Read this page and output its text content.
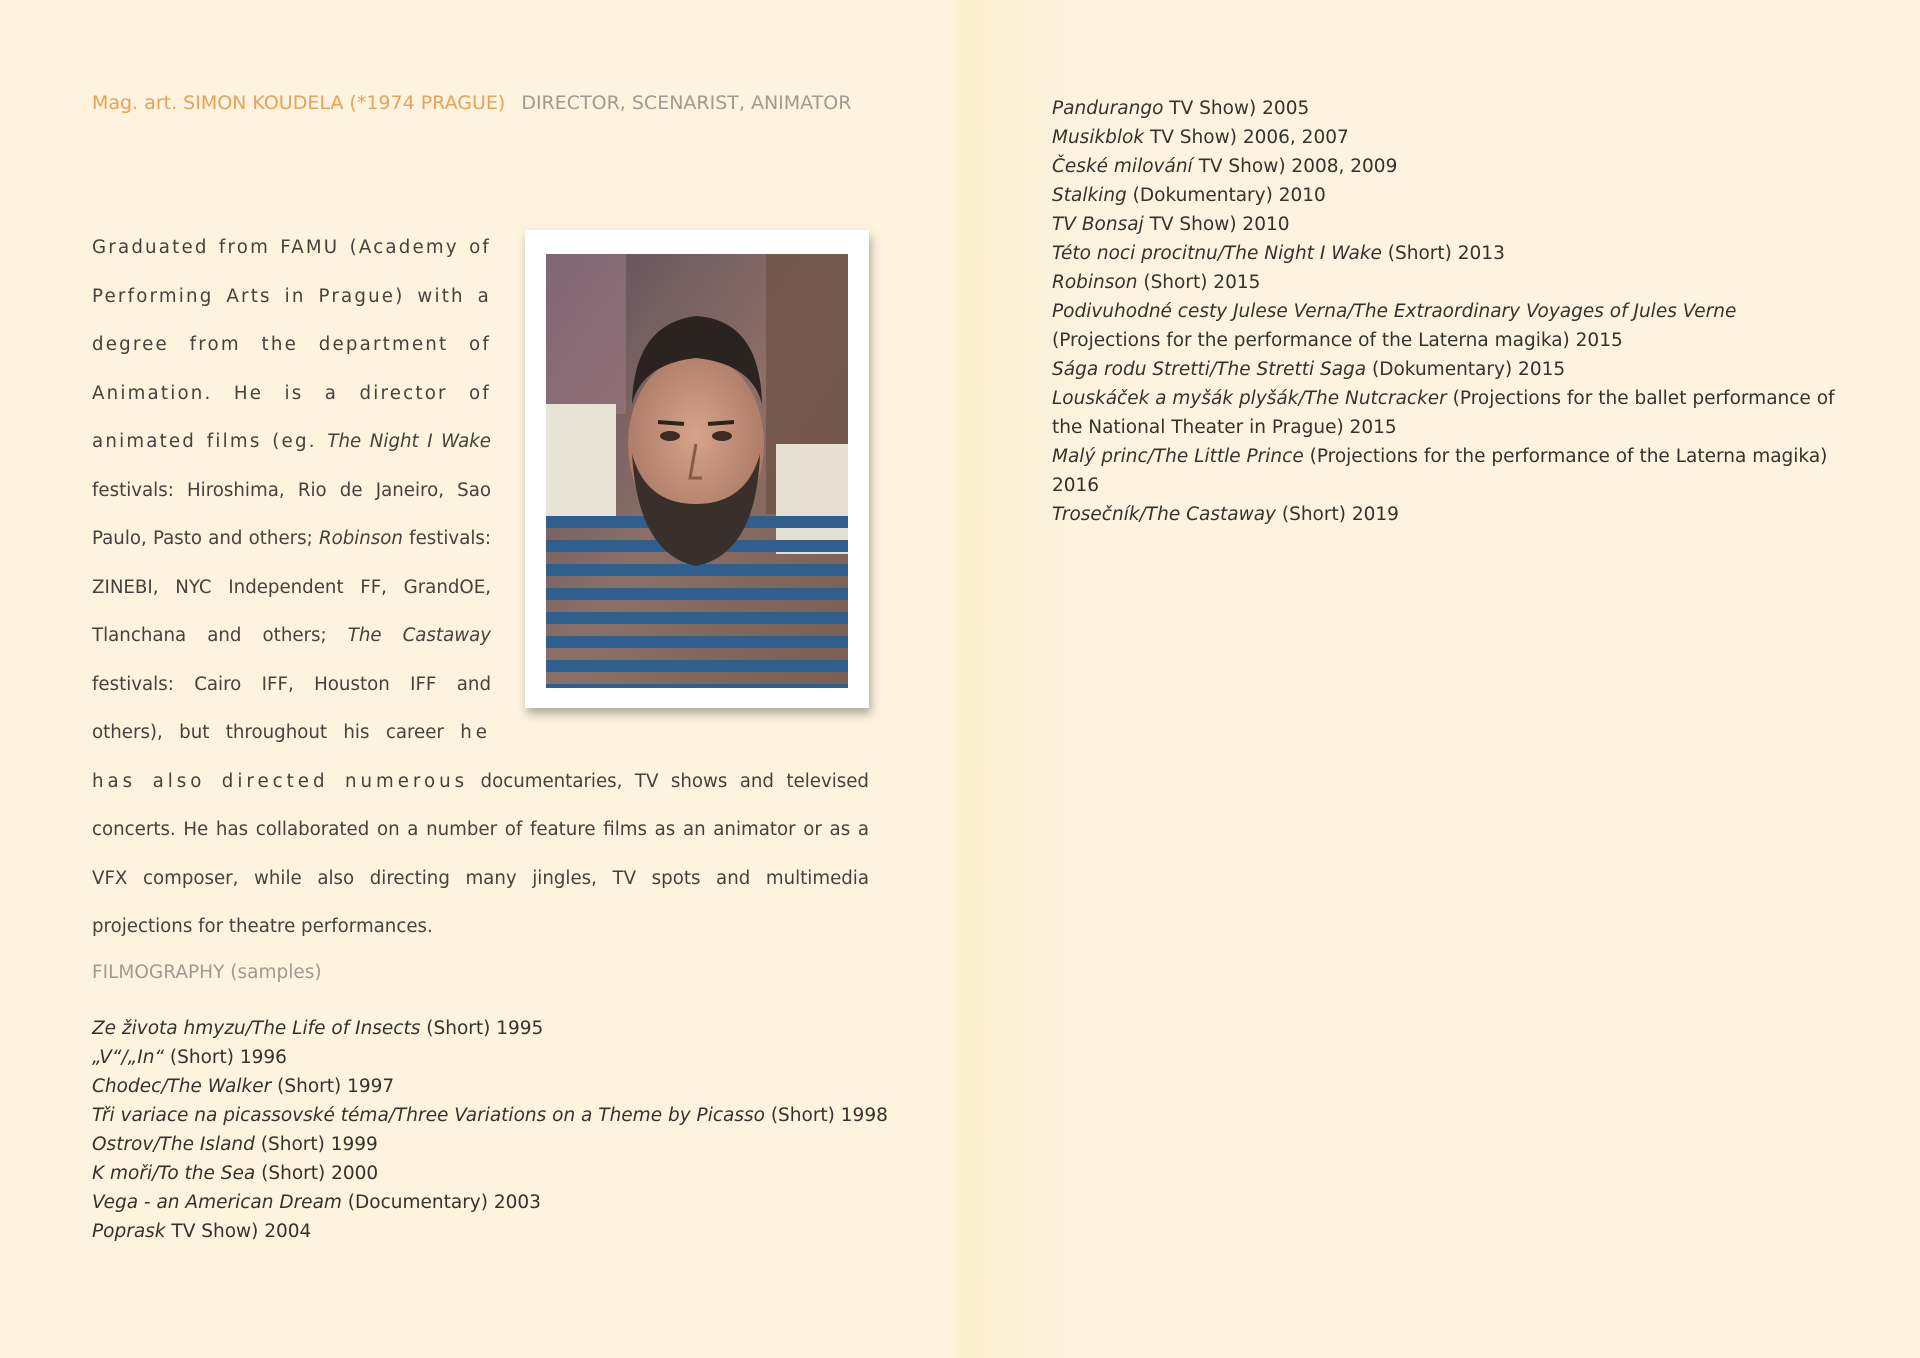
Mag. art. SIMON KOUDELA (*1974 PRAGUE) DIRECTOR, SCENARIST, ANIMATOR
Graduated from FAMU (Academy of Performing Arts in Prague) with a degree from the department of Animation. He is a director of animated films (eg. The Night I Wake festivals: Hiroshima, Rio de Janeiro, Sao Paulo, Pasto and others; Robinson festivals: ZINEBI, NYC Independent FF, GrandOE, Tlanchana and others; The Castaway festivals: Cairo IFF, Houston IFF and others), but throughout his career he has also directed numerous documentaries, TV shows and televised concerts. He has collaborated on a number of feature films as an animator or as a VFX composer, while also directing many jingles, TV spots and multimedia projections for theatre performances.
FILMOGRAPHY (samples)
Ze života hmyzu/The Life of Insects (Short) 1995
„V“/„In“ (Short) 1996
Chodec/The Walker (Short) 1997
Tři variace na picassovské téma/Three Variations on a Theme by Picasso (Short) 1998
Ostrov/The Island (Short) 1999
K moři/To the Sea (Short) 2000
Vega - an American Dream (Documentary) 2003
Poprask TV Show) 2004
Pandurango TV Show) 2005
Musikblok TV Show) 2006, 2007
České milování TV Show) 2008, 2009
Stalking (Dokumentary) 2010
TV Bonsaj TV Show) 2010
Této noci procitnu/The Night I Wake (Short) 2013
Robinson (Short) 2015
Podivuhodné cesty Julese Verna/The Extraordinary Voyages of Jules Verne (Projections for the performance of the Laterna magika) 2015
Sága rodu Stretti/The Stretti Saga (Dokumentary) 2015
Louskáček a myšák plyšák/The Nutcracker (Projections for the ballet performance of the National Theater in Prague) 2015
Malý princ/The Little Prince (Projections for the performance of the Laterna magika) 2016
Trosečník/The Castaway (Short) 2019
